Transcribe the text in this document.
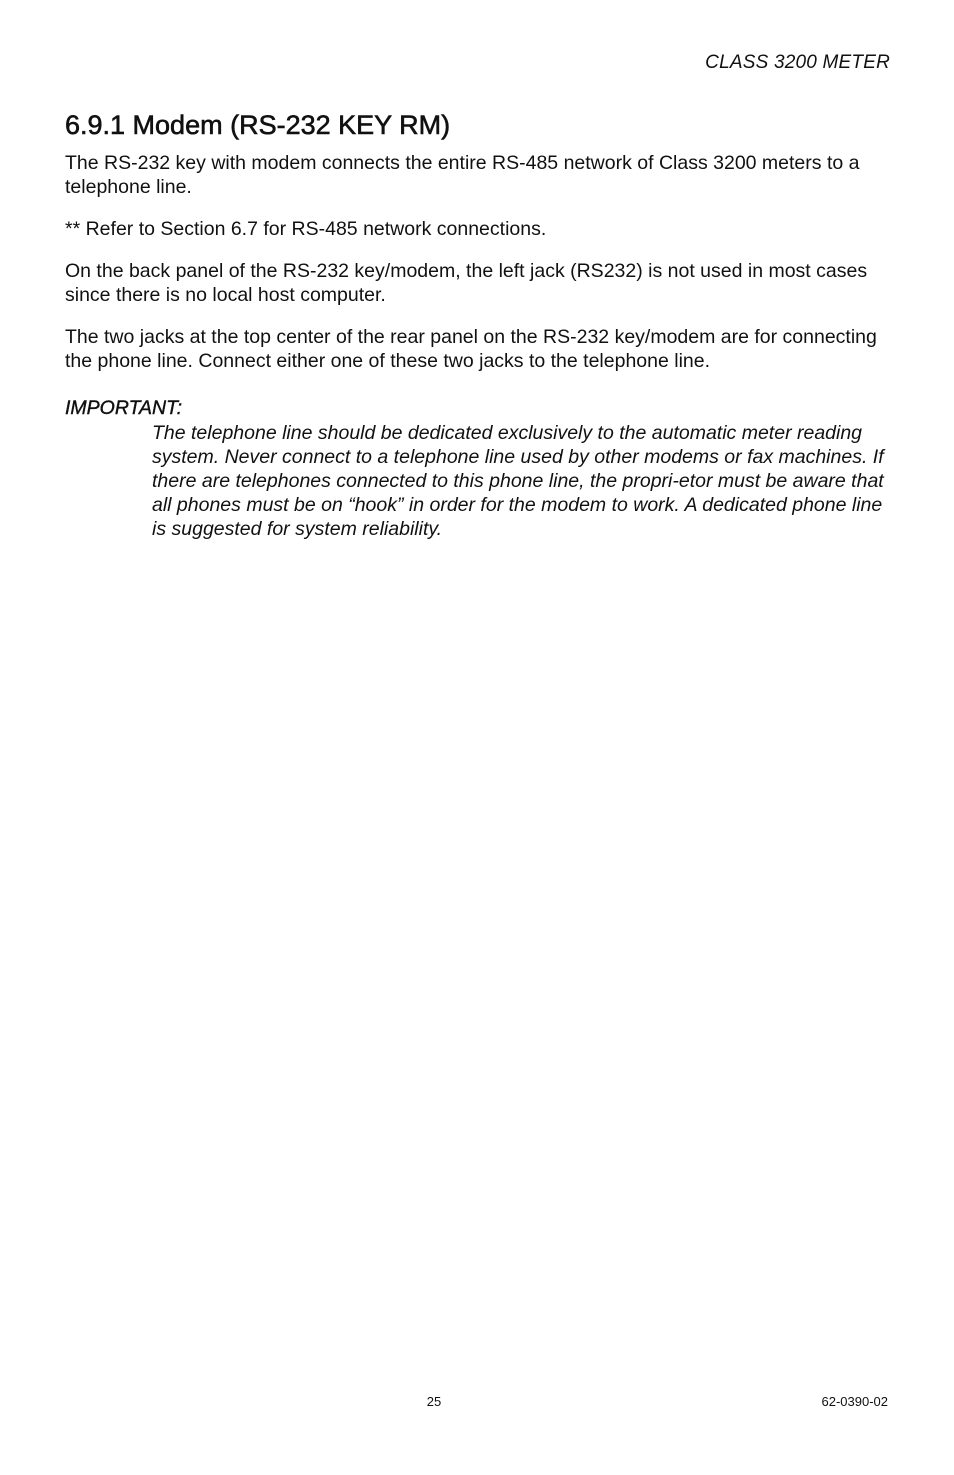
CLASS 3200 METER
6.9.1 Modem (RS-232 KEY RM)

The RS-232 key with modem connects the entire RS-485 network of Class 3200 meters to a telephone line.

** Refer to Section 6.7 for RS-485 network connections.

On the back panel of the RS-232 key/modem, the left jack (RS232) is not used in most cases since there is no local host computer.

The two jacks at the top center of the rear panel on the RS-232 key/modem are for connecting the phone line. Connect either one of these two jacks to the telephone line.

IMPORTANT:
The telephone line should be dedicated exclusively to the automatic meter reading system. Never connect to a telephone line used by other modems or fax machines. If there are telephones connected to this phone line, the propri-etor must be aware that all phones must be on “hook” in order for the modem to work. A dedicated phone line is suggested for system reliability.
25	62-0390-02
